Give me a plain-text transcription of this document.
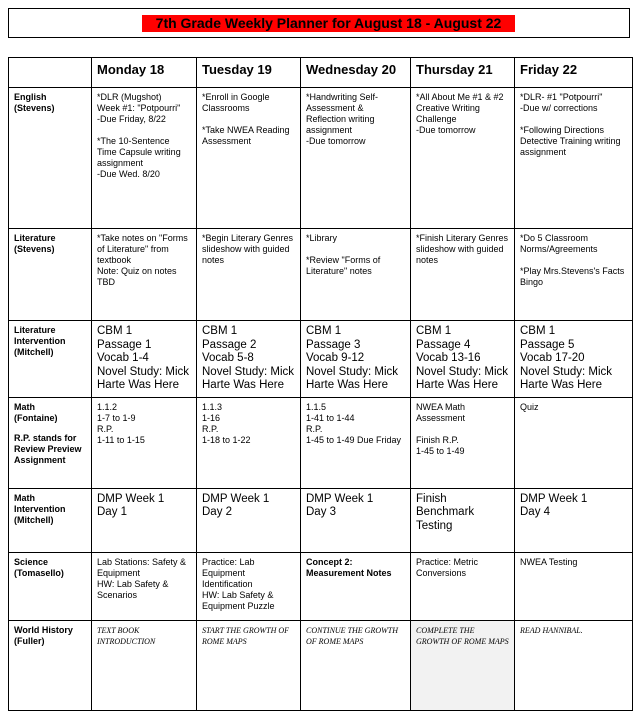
7th Grade Weekly Planner for August 18 - August 22
	Monday 18	Tuesday 19	Wednesday 20	Thursday 21	Friday 22
English
(Stevens)	*DLR (Mugshot)
Week #1: "Potpourri"
-Due Friday, 8/22

*The 10-Sentence Time Capsule writing assignment
-Due Wed. 8/20	*Enroll in Google Classrooms

*Take NWEA Reading Assessment	*Handwriting Self-Assessment & Reflection writing assignment
-Due tomorrow	*All About Me #1 & #2 Creative Writing Challenge
-Due tomorrow	*DLR- #1 "Potpourri"
-Due w/ corrections

*Following Directions Detective Training writing assignment

Literature
(Stevens)	*Take notes on "Forms of Literature" from textbook
Note: Quiz on notes TBD	*Begin Literary Genres slideshow with guided notes	*Library

*Review "Forms of Literature" notes	*Finish Literary Genres slideshow with guided notes	*Do 5 Classroom Norms/Agreements

*Play Mrs.Stevens's Facts Bingo

Literature
Intervention
(Mitchell)	CBM 1
Passage 1
Vocab 1-4
Novel Study: Mick Harte Was Here	CBM 1
Passage 2
Vocab 5-8
Novel Study: Mick Harte Was Here	CBM 1
Passage 3
Vocab 9-12
Novel Study: Mick Harte Was Here	CBM 1
Passage 4
Vocab 13-16
Novel Study: Mick Harte Was Here	CBM 1
Passage 5
Vocab 17-20
Novel Study: Mick Harte Was Here

Math
(Fontaine)
R.P. stands for Review Preview Assignment	1.1.2
1-7 to 1-9
R.P.
1-11 to 1-15	1.1.3
1-16
R.P.
1-18 to 1-22	1.1.5
1-41 to 1-44
R.P.
1-45 to 1-49 Due Friday	NWEA Math Assessment

Finish R.P.
1-45 to 1-49	Quiz

Math
Intervention
(Mitchell)	DMP Week 1
Day 1	DMP Week 1
Day 2	DMP Week 1
Day 3	Finish
Benchmark
Testing	DMP Week 1
Day 4

Science
(Tomasello)	Lab Stations: Safety & Equipment
HW: Lab Safety & Scenarios	Practice: Lab Equipment Identification
HW: Lab Safety & Equipment Puzzle	Concept 2: Measurement Notes	Practice: Metric Conversions	NWEA Testing

World History
(Fuller)	TEXT BOOK INTRODUCTION	START THE GROWTH OF ROME MAPS	CONTINUE THE GROWTH OF ROME MAPS	COMPLETE THE GROWTH OF ROME MAPS	READ HANNIBAL.
